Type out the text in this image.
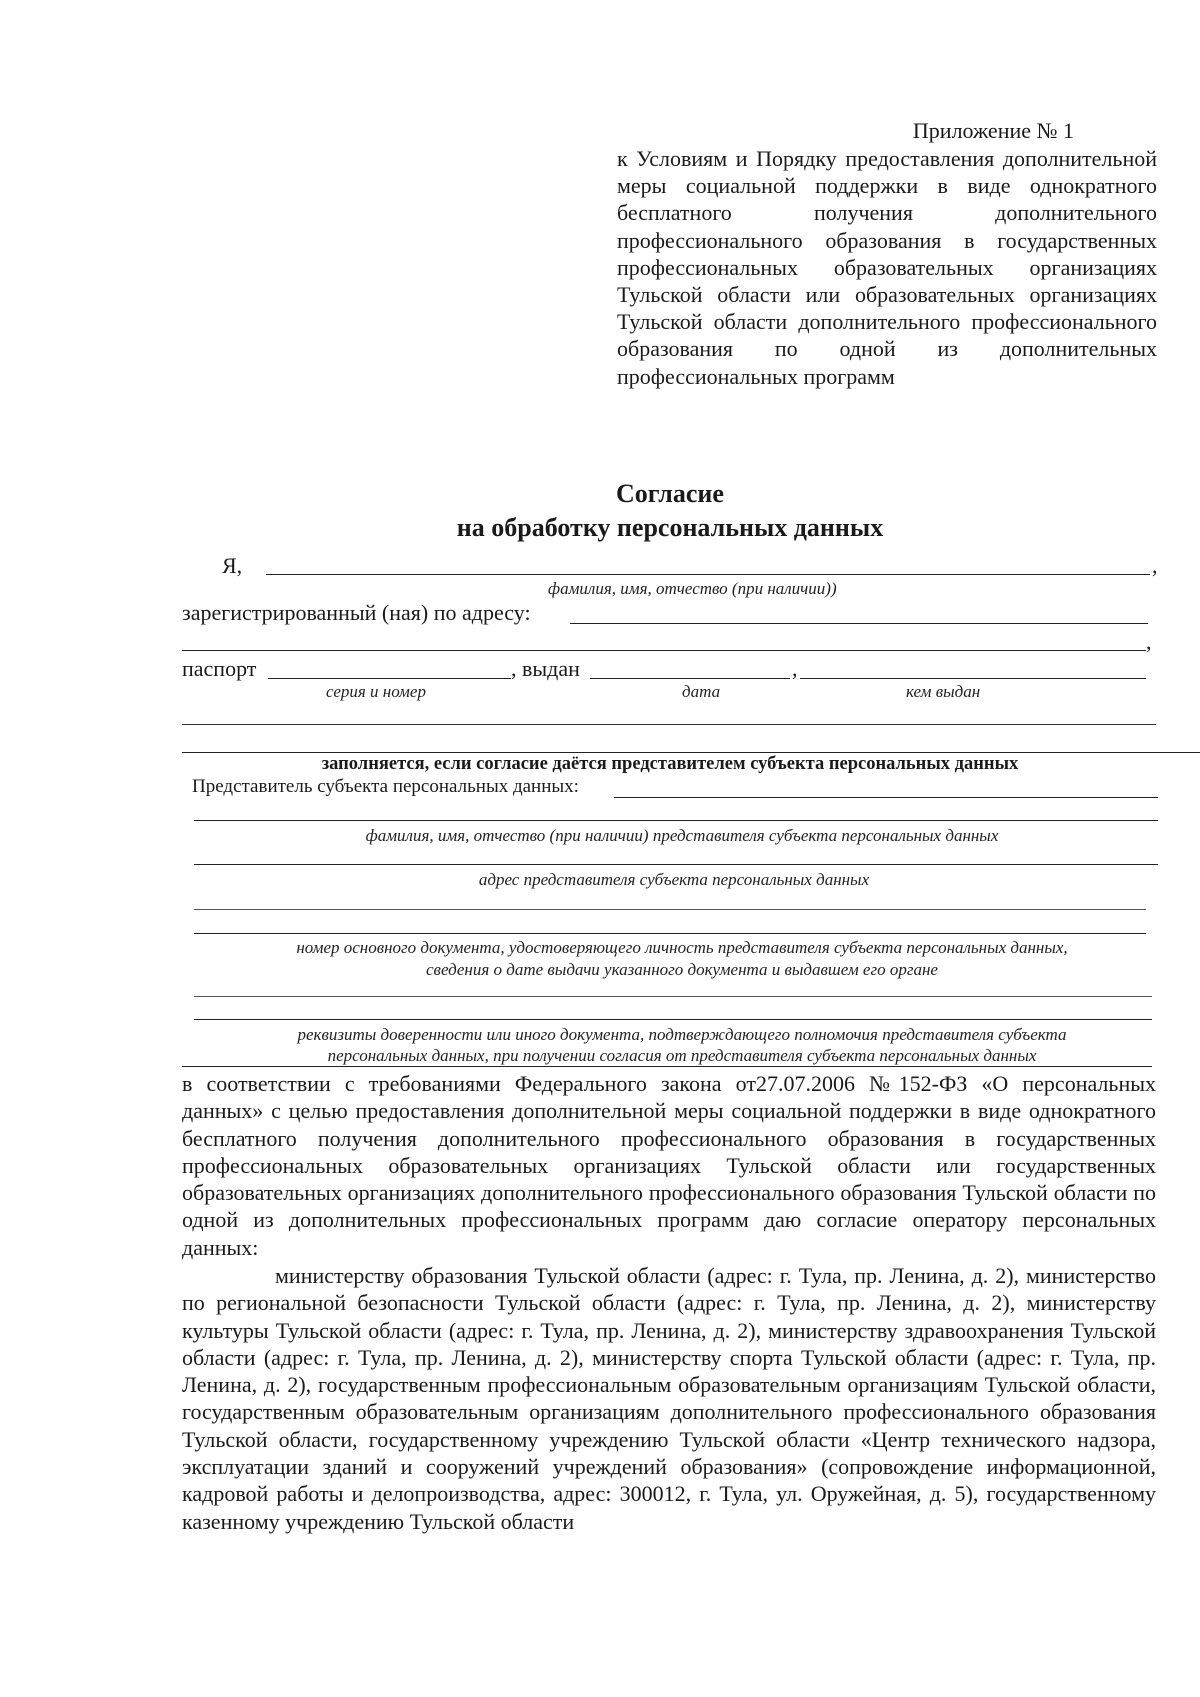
Приложение № 1
к Условиям и Порядку предоставления дополнительной меры социальной поддержки в виде однократного бесплатного получения дополнительного профессионального образования в государственных профессиональных образовательных организациях Тульской области или образовательных организациях Тульской области дополнительного профессионального образования по одной из дополнительных профессиональных программ
Согласие
на обработку персональных данных
Я,	,
фамилия, имя, отчество (при наличии))
зарегистрированный (ная) по адресу:
,
паспорт	, выдан	,
серия и номер	дата	кем выдан
заполняется, если согласие даётся представителем субъекта персональных данных
Представитель субъекта персональных данных:
фамилия, имя, отчество (при наличии) представителя субъекта персональных данных
адрес представителя субъекта персональных данных
номер основного документа, удостоверяющего личность представителя субъекта персональных данных,
сведения о дате выдачи указанного документа и выдавшем его органе
реквизиты доверенности или иного документа, подтверждающего полномочия представителя субъекта
персональных данных, при получении согласия от представителя субъекта персональных данных
в соответствии с требованиями Федерального закона от27.07.2006 №152-ФЗ «О персональных данных» с целью предоставления дополнительной меры социальной поддержки в виде однократного бесплатного получения дополнительного профессионального образования в государственных профессиональных образовательных организациях Тульской области или государственных образовательных организациях дополнительного профессионального образования Тульской области по одной из дополнительных профессиональных программ даю согласие оператору персональных данных:
министерству образования Тульской области (адрес: г. Тула, пр. Ленина, д. 2), министерство по региональной безопасности Тульской области (адрес: г. Тула, пр. Ленина, д. 2), министерству культуры Тульской области (адрес: г. Тула, пр. Ленина, д. 2), министерству здравоохранения Тульской области (адрес: г. Тула, пр. Ленина, д. 2), министерству спорта Тульской области (адрес: г. Тула, пр. Ленина, д. 2), государственным профессиональным образовательным организациям Тульской области, государственным образовательным организациям дополнительного профессионального образования Тульской области, государственному учреждению Тульской области «Центр технического надзора, эксплуатации зданий и сооружений учреждений образования» (сопровождение информационной, кадровой работы и делопроизводства, адрес: 300012, г. Тула, ул. Оружейная, д. 5), государственному казенному учреждению Тульской области
